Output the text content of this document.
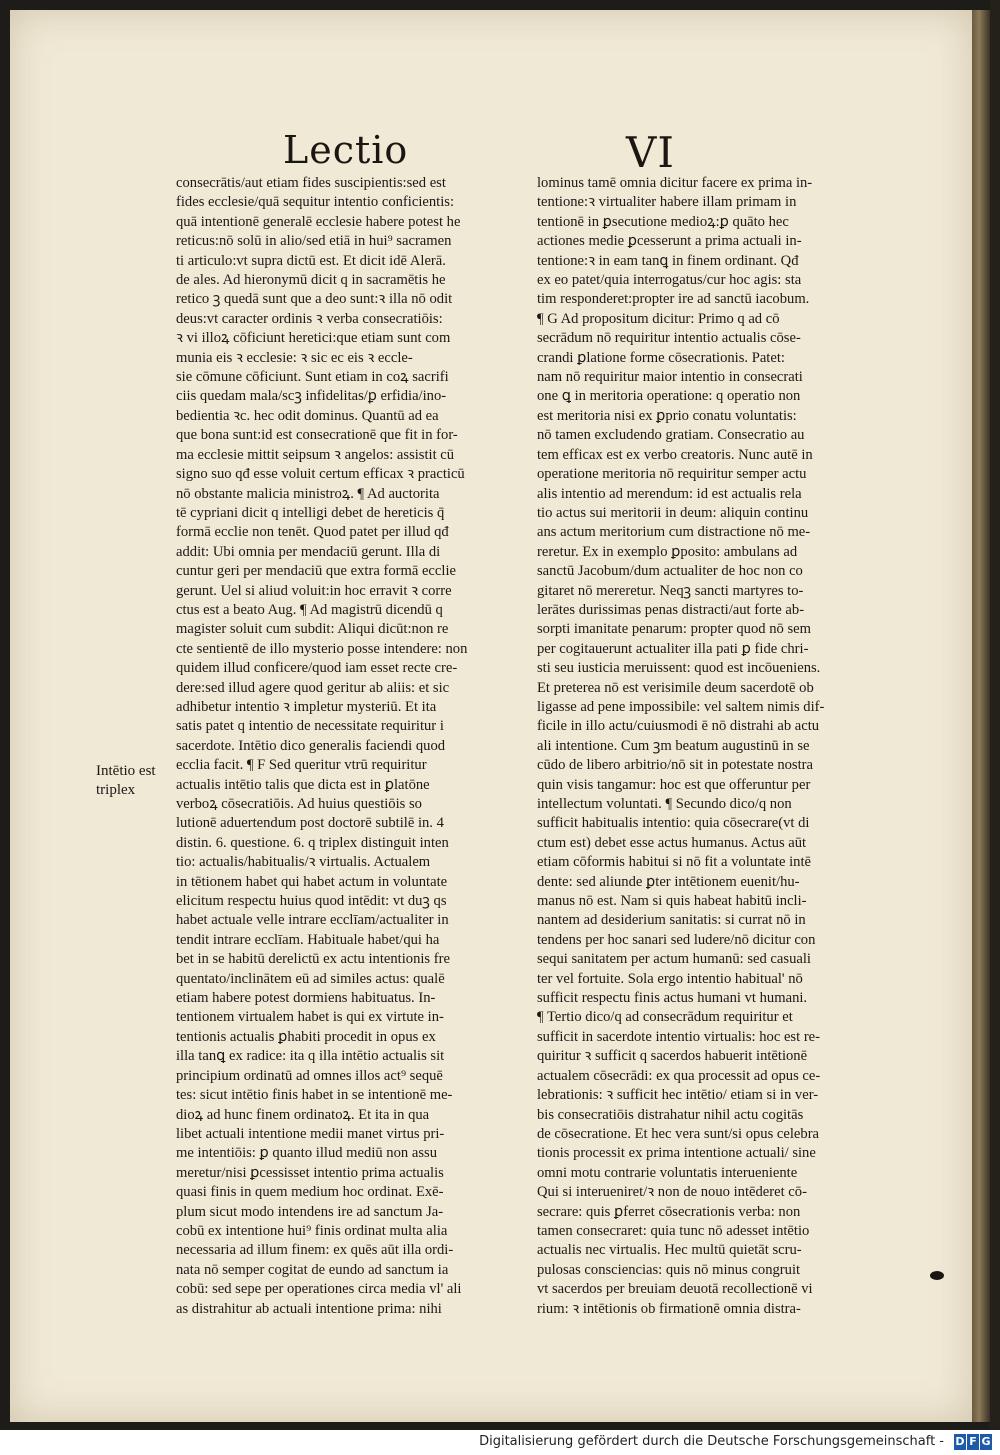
Lectio	VI
Intētio est
triplex
consecrātis/aut etiam fides suscipientis:sed est
fides ecclesie/quā sequitur intentio conficientis:
quā intentionē generalē ecclesie habere potest he
reticus:nō solū in alio/sed etiā in hui⁹ sacramen
ti articulo:vt supra dictū est. Et dicit idē Alerā.
de ales. Ad hieronymū dicit q in sacramētis he
retico ꝫ quedā sunt que a deo sunt:ꝛ illa nō odit
deus:vt caracter ordinis ꝛ verba consecratiōis:
ꝛ vi illoꝝ cōficiunt heretici:que etiam sunt com
munia eis ꝛ ecclesie: ꝛ sic ec eis ꝛ eccle-
sie cōmune cōficiunt. Sunt etiam in coꝝ sacrifi
ciis quedam mala/scꝫ infidelitas/ꝑ erfidia/ino-
bedientia ꝛc. hec odit dominus. Quantū ad ea
que bona sunt:id est consecrationē que fit in for-
ma ecclesie mittit seipsum ꝛ angelos: assistit cū
signo suo qđ esse voluit certum efficax ꝛ practicū
nō obstante malicia ministroꝝ. ¶ Ad auctorita
tē cypriani dicit q intelligi debet de hereticis q̄
formā ecclie non tenēt. Quod patet per illud qđ
addit: Ubi omnia per mendaciū gerunt. Illa di
cuntur geri per mendaciū que extra formā ecclie
gerunt. Uel si aliud voluit:in hoc erravit ꝛ corre
ctus est a beato Aug. ¶ Ad magistrū dicendū q
magister soluit cum subdit: Aliqui dicūt:non re
cte sentientē de illo mysterio posse intendere: non
quidem illud conficere/quod iam esset recte cre-
dere:sed illud agere quod geritur ab aliis: et sic
adhibetur intentio ꝛ impletur mysteriū. Et ita
satis patet q intentio de necessitate requiritur i
sacerdote. Intētio dico generalis faciendi quod
ecclia facit. ¶ F Sed queritur vtrū requiritur
actualis intētio talis que dicta est in ꝑlatōne
verboꝝ cōsecratiōis. Ad huius questiōis so
lutionē aduertendum post doctorē subtilē in. 4
distin. 6. questione. 6. q triplex distinguit inten
tio: actualis/habitualis/ꝛ virtualis. Actualem
in tētionem habet qui habet actum in voluntate
elicitum respectu huius quod intēdit: vt duꝫ qs
habet actuale velle intrare ecclīam/actualiter in
tendit intrare ecclīam. Habituale habet/qui ha
bet in se habitū derelictū ex actu intentionis fre
quentato/inclinātem eū ad similes actus: qualē
etiam habere potest dormiens habituatus. In-
tentionem virtualem habet is qui ex virtute in-
tentionis actualis ꝑhabiti procedit in opus ex
illa tanꝗ ex radice: ita q illa intētio actualis sit
principium ordinatū ad omnes illos act⁹ sequē
tes: sicut intētio finis habet in se intentionē me-
dioꝝ ad hunc finem ordinatoꝝ. Et ita in qua
libet actuali intentione medii manet virtus pri-
me intentiōis: ꝑ quanto illud mediū non assu
meretur/nisi ꝑcessisset intentio prima actualis
quasi finis in quem medium hoc ordinat. Exē-
plum sicut modo intendens ire ad sanctum Ja-
cobū ex intentione hui⁹ finis ordinat multa alia
necessaria ad illum finem: ex quēs aūt illa ordi-
nata nō semper cogitat de eundo ad sanctum ia
cobū: sed sepe per operationes circa media vl' ali
as distrahitur ab actuali intentione prima: nihi
lominus tamē omnia dicitur facere ex prima in-
tentione:ꝛ virtualiter habere illam primam in
tentionē in ꝑsecutione medioꝝ:ꝑ quāto hec
actiones medie ꝑcesserunt a prima actuali in-
tentione:ꝛ in eam tanꝗ in finem ordinant. Qđ
ex eo patet/quia interrogatus/cur hoc agis: sta
tim responderet:propter ire ad sanctū iacobum.
¶ G Ad propositum dicitur: Primo q ad cō
secrādum nō requiritur intentio actualis cōse-
crandi ꝑlatione forme cōsecrationis. Patet:
nam nō requiritur maior intentio in consecrati
one ꝗ in meritoria operatione: q operatio non
est meritoria nisi ex ꝑprio conatu voluntatis:
nō tamen excludendo gratiam. Consecratio au
tem efficax est ex verbo creatoris. Nunc autē in
operatione meritoria nō requiritur semper actu
alis intentio ad merendum: id est actualis rela
tio actus sui meritorii in deum: aliquin continu
ans actum meritorium cum distractione nō me-
reretur. Ex in exemplo ꝑposito: ambulans ad
sanctū Jacobum/dum actualiter de hoc non co
gitaret nō mereretur. Neqꝫ sancti martyres to-
lerātes durissimas penas distracti/aut forte ab-
sorpti imanitate penarum: propter quod nō sem
per cogitauerunt actualiter illa pati ꝑ fide chri-
sti seu iusticia meruissent: quod est incōueniens.
Et preterea nō est verisimile deum sacerdotē ob
ligasse ad pene impossibile: vel saltem nimis dif-
ficile in illo actu/cuiusmodi ē nō distrahi ab actu
ali intentione. Cum ꝫm beatum augustinū in se
cūdo de libero arbitrio/nō sit in potestate nostra
quin visis tangamur: hoc est que offeruntur per
intellectum voluntati. ¶ Secundo dico/q non
sufficit habitualis intentio: quia cōsecrare(vt di
ctum est) debet esse actus humanus. Actus aūt
etiam cōformis habitui si nō fit a voluntate intē
dente: sed aliunde ꝑter intētionem euenit/hu-
manus nō est. Nam si quis habeat habitū incli-
nantem ad desiderium sanitatis: si currat nō in
tendens per hoc sanari sed ludere/nō dicitur con
sequi sanitatem per actum humanū: sed casuali
ter vel fortuite. Sola ergo intentio habitual' nō
sufficit respectu finis actus humani vt humani.
¶ Tertio dico/q ad consecrādum requiritur et
sufficit in sacerdote intentio virtualis: hoc est re-
quiritur ꝛ sufficit q sacerdos habuerit intētionē
actualem cōsecrādi: ex qua processit ad opus ce-
lebrationis: ꝛ sufficit hec intētio/ etiam si in ver-
bis consecratiōis distrahatur nihil actu cogitās
de cōsecratione. Et hec vera sunt/si opus celebra
tionis processit ex prima intentione actuali/ sine
omni motu contrarie voluntatis interueniente
Qui si interueniret/ꝛ non de nouo intēderet cō-
secrare: quis ꝑferret cōsecrationis verba: non
tamen consecraret: quia tunc nō adesset intētio
actualis nec virtualis. Hec multū quietāt scru-
pulosas consciencias: quis nō minus congruit
vt sacerdos per breuiam deuotā recollectionē vi
rium: ꝛ intētionis ob firmationē omnia distra-
Digitalisierung gefördert durch die Deutsche Forschungsgemeinschaft - D F G
